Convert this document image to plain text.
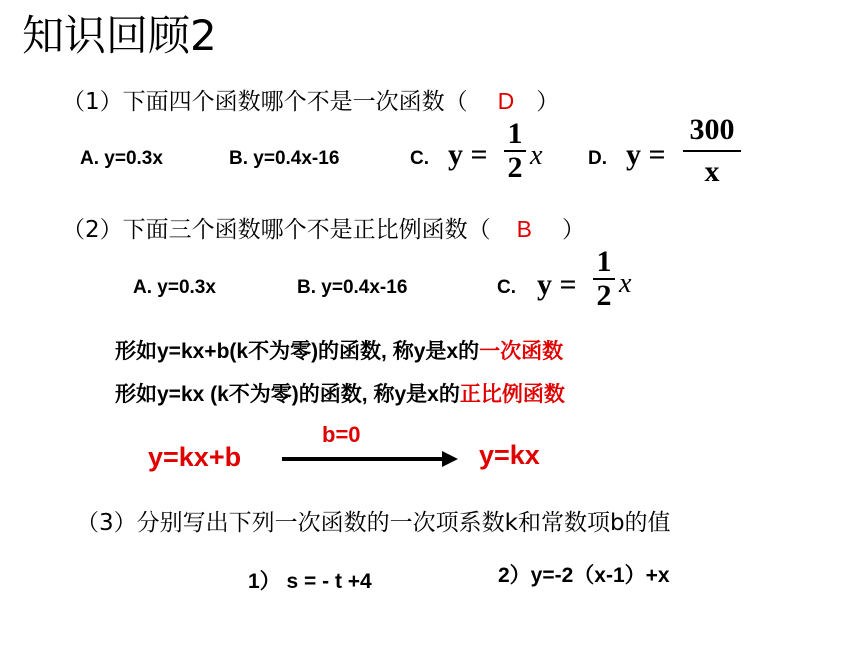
知识回顾2
（1）下面四个函数哪个不是一次函数（ D ）
A. y=0.3x	B. y=0.4x-16	C. y =
1
2 x D. y =
300
x
（2）下面三个函数哪个不是正比例函数（ B ）
A. y=0.3x	B. y=0.4x-16	C. y =
1
2 x
形如y=kx+b(k不为零)的函数, 称y是x的一次函数
形如y=kx (k不为零)的函数, 称y是x的正比例函数
y=kx+b
b=0
y=kx
（3）分别写出下列一次函数的一次项系数k和常数项b的值
1） s = - t +4	2）y=-2（x-1）+x
